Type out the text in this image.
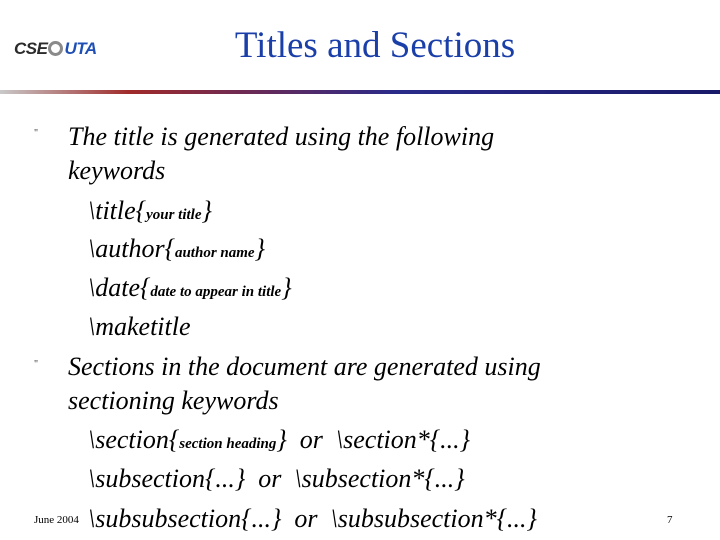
CSE UTA	Titles and Sections
" The title is generated using the following
keywords
\title{your title}
\author{author name}
\date{date to appear in title}
\maketitle
" Sections in the document are generated using
sectioning keywords
\section{section heading}  or  \section*{...}
\subsection{...}  or  \subsection*{...}
\subsubsection{...}  or  \subsubsection*{...}
June 2004	7
